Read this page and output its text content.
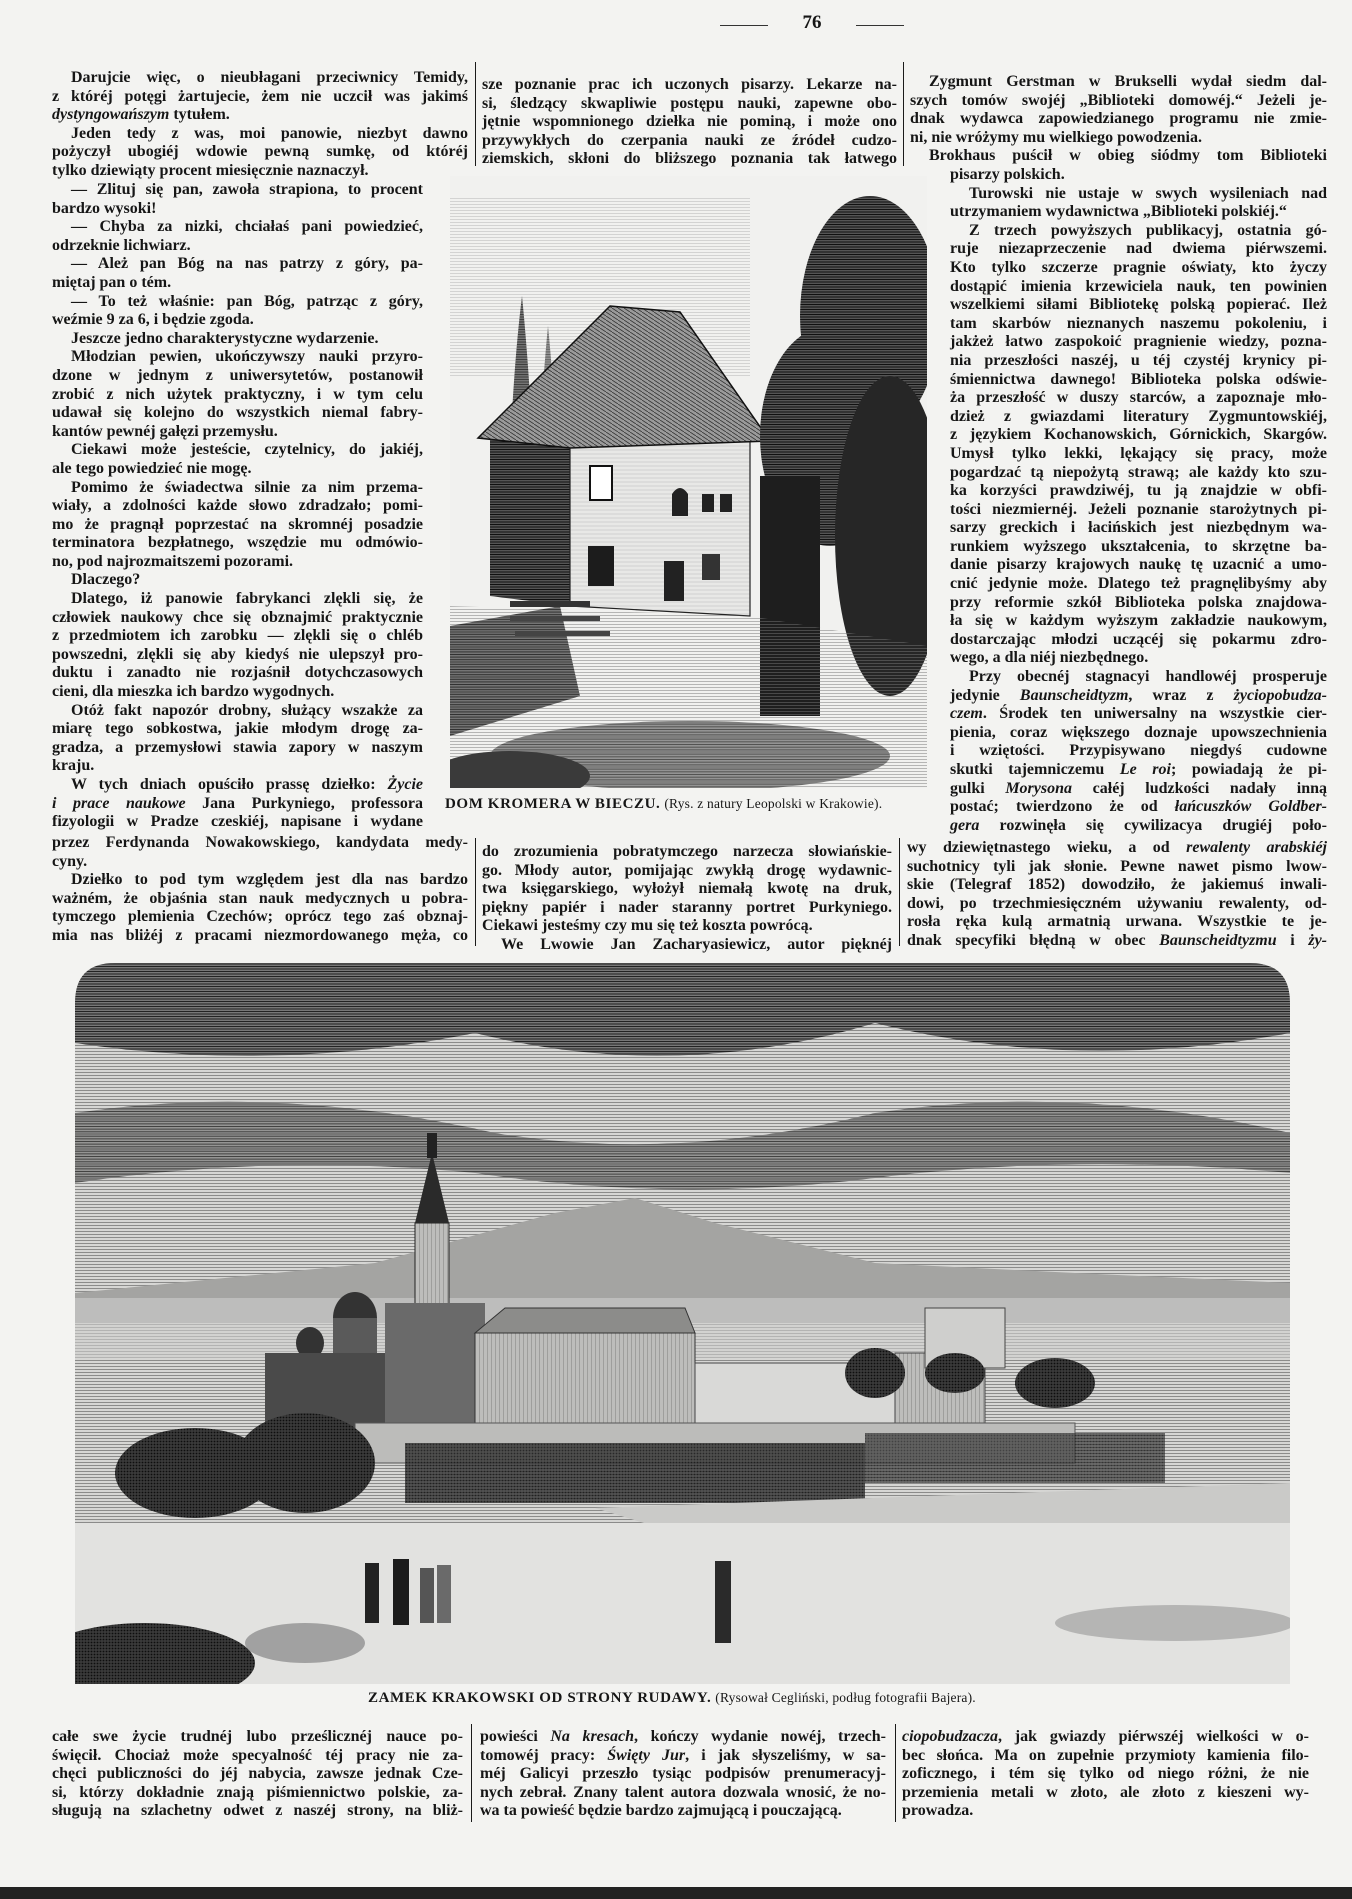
76
Darujcie więc, o nieubłagani przeciwnicy Temidy,
z któréj potęgi żartujecie, żem nie uczcił was jakimś
dystyngowańszym tytułem.
Jeden tedy z was, moi panowie, niezbyt dawno
pożyczył ubogiéj wdowie pewną sumkę, od któréj
tylko dziewiąty procent miesięcznie naznaczył.
— Zlituj się pan, zawoła strapiona, to procent
bardzo wysoki!
— Chyba za nizki, chciałaś pani powiedzieć,
odrzeknie lichwiarz.
— Ależ pan Bóg na nas patrzy z góry, pa-
miętaj pan o tém.
— To też właśnie: pan Bóg, patrząc z góry,
weźmie 9 za 6, i będzie zgoda.
Jeszcze jedno charakterystyczne wydarzenie.
Młodzian pewien, ukończywszy nauki przyro-
dzone w jednym z uniwersytetów, postanowił
zrobić z nich użytek praktyczny, i w tym celu
udawał się kolejno do wszystkich niemal fabry-
kantów pewnéj gałęzi przemysłu.
Ciekawi może jesteście, czytelnicy, do jakiéj,
ale tego powiedzieć nie mogę.
Pomimo że świadectwa silnie za nim przema-
wiały, a zdolności każde słowo zdradzało; pomi-
mo że pragnął poprzestać na skromnéj posadzie
terminatora bezpłatnego, wszędzie mu odmówio-
no, pod najrozmaitszemi pozorami.
Dlaczego?
Dlatego, iż panowie fabrykanci zlękli się, że
człowiek naukowy chce się obznajmić praktycznie
z przedmiotem ich zarobku — zlękli się o chléb
powszedni, zlękli się aby kiedyś nie ulepszył pro-
duktu i zanadto nie rozjaśnił dotychczasowych
cieni, dla mieszka ich bardzo wygodnych.
Otóż fakt napozór drobny, służący wszakże za
miarę tego sobkostwa, jakie młodym drogę za-
gradza, a przemysłowi stawia zapory w naszym
kraju.
W tych dniach opuściło prassę dziełko: Życie
i prace naukowe Jana Purkyniego, professora
fizyologii w Pradze czeskiéj, napisane i wydane
przez Ferdynanda Nowakowskiego, kandydata medy-
cyny.
Dziełko to pod tym względem jest dla nas bardzo
ważném, że objaśnia stan nauk medycznych u pobra-
tymczego plemienia Czechów; oprócz tego zaś obznaj-
mia nas bliżéj z pracami niezmordowanego męża, co
sze poznanie prac ich uczonych pisarzy. Lekarze na-
si, śledzący skwapliwie postępu nauki, zapewne obo-
jętnie wspomnionego dziełka nie pominą, i może ono
przywykłych do czerpania nauki ze źródeł cudzo-
ziemskich, skłoni do bliższego poznania tak łatwego
do zrozumienia pobratymczego narzecza słowiańskie-
go. Młody autor, pomijając zwykłą drogę wydawnic-
twa księgarskiego, wyłożył niemałą kwotę na druk,
piękny papiér i nader staranny portret Purkyniego.
Ciekawi jesteśmy czy mu się też koszta powrócą.
We Lwowie Jan Zacharyasiewicz, autor pięknéj
Zygmunt Gerstman w Brukselli wydał siedm dal-
szych tomów swojéj „Biblioteki domowéj.“ Jeżeli je-
dnak wydawca zapowiedzianego programu nie zmie-
ni, nie wróżymy mu wielkiego powodzenia.
Brokhaus puścił w obieg siódmy tom Biblioteki
pisarzy polskich.
Turowski nie ustaje w swych wysileniach nad
utrzymaniem wydawnictwa „Biblioteki polskiéj.“
Z trzech powyższych publikacyj, ostatnia gó-
ruje niezaprzeczenie nad dwiema piérwszemi.
Kto tylko szczerze pragnie oświaty, kto życzy
dostąpić imienia krzewiciela nauk, ten powinien
wszelkiemi siłami Bibliotekę polską popierać. Ileż
tam skarbów nieznanych naszemu pokoleniu, i
jakżeż łatwo zaspokoić pragnienie wiedzy, pozna-
nia przeszłości naszéj, u téj czystéj krynicy pi-
śmiennictwa dawnego! Biblioteka polska odświe-
ża przeszłość w duszy starców, a zapoznaje mło-
dzież z gwiazdami literatury Zygmuntowskiéj,
z językiem Kochanowskich, Górnickich, Skargów.
Umysł tylko lekki, lękający się pracy, może
pogardzać tą niepożytą strawą; ale każdy kto szu-
ka korzyści prawdziwéj, tu ją znajdzie w obfi-
tości niezmiernéj. Jeżeli poznanie starożytnych pi-
sarzy greckich i łacińskich jest niezbędnym wa-
runkiem wyższego ukształcenia, to skrzętne ba-
danie pisarzy krajowych naukę tę uzacnić a umo-
cnić jedynie może. Dlatego też pragnęlibyśmy aby
przy reformie szkół Biblioteka polska znajdowa-
ła się w każdym wyższym zakładzie naukowym,
dostarczając młodzi uczącéj się pokarmu zdro-
wego, a dla niéj niezbędnego.
Przy obecnéj stagnacyi handlowéj prosperuje
jedynie Baunscheidtyzm, wraz z życiopobudza-
czem. Środek ten uniwersalny na wszystkie cier-
pienia, coraz większego doznaje upowszechnienia
i wziętości. Przypisywano niegdyś cudowne
skutki tajemniczemu Le roi; powiadają że pi-
gulki Morysona całéj ludzkości nadały inną
postać; twierdzono że od łańcuszków Goldber-
gera rozwinęła się cywilizacya drugiéj poło-
wy dziewiętnastego wieku, a od rewalenty arabskiéj
suchotnicy tyli jak słonie. Pewne nawet pismo lwow-
skie (Telegraf 1852) dowodziło, że jakiemuś inwali-
dowi, po trzechmiesięczném używaniu rewalenty, od-
rosła ręka kulą armatnią urwana. Wszystkie te je-
dnak specyfiki błędną w obec Baunscheidtyzmu i ży-
DOM KROMERA W BIECZU. (Rys. z natury Leopolski w Krakowie).
ZAMEK KRAKOWSKI OD STRONY RUDAWY. (Rysował Cegliński, podług fotografii Bajera).
całe swe życie trudnéj lubo prześlicznéj nauce po-
święcił. Chociaż może specyalność téj pracy nie za-
chęci publiczności do jéj nabycia, zawsze jednak Cze-
si, którzy dokładnie znają piśmiennictwo polskie, za-
sługują na szlachetny odwet z naszéj strony, na bliż-
powieści Na kresach, kończy wydanie nowéj, trzech-
tomowéj pracy: Święty Jur, i jak słyszeliśmy, w sa-
méj Galicyi przeszło tysiąc podpisów prenumeracyj-
nych zebrał. Znany talent autora dozwala wnosić, że no-
wa ta powieść będzie bardzo zajmującą i pouczającą.
ciopobudzacza, jak gwiazdy piérwszéj wielkości w o-
bec słońca. Ma on zupełnie przymioty kamienia filo-
zoficznego, i tém się tylko od niego różni, że nie
przemienia metali w złoto, ale złoto z kieszeni wy-
prowadza.
